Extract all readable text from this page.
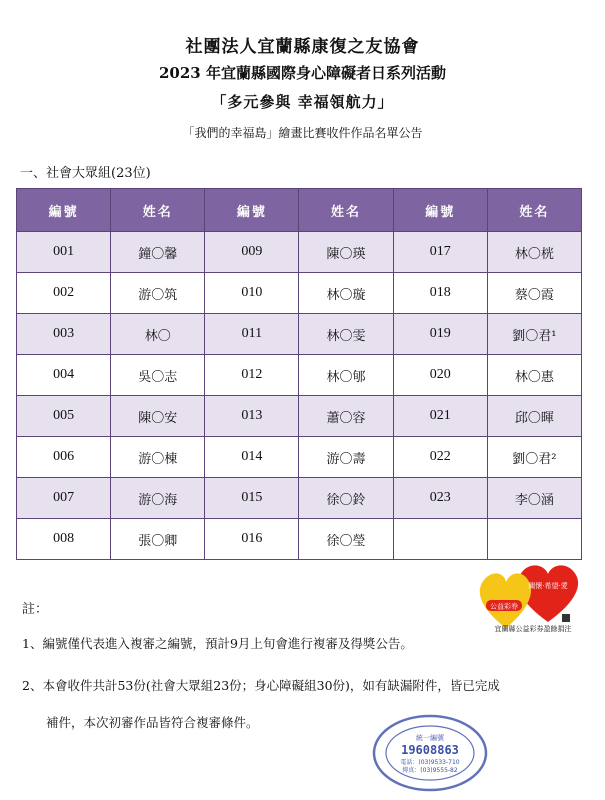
社團法人宜蘭縣康復之友協會
2023 年宜蘭縣國際身心障礙者日系列活動
「多元參與 幸福領航力」
「我們的幸福島」繪畫比賽收件作品名單公告
一、社會大眾組(23位)
編號	姓名	編號	姓名	編號	姓名
001	鐘〇馨	009	陳〇瑛	017	林〇桄
002	游〇筑	010	林〇璇	018	蔡〇霞
003	林〇	011	林〇雯	019	劉〇君¹
004	吳〇志	012	林〇郇	020	林〇惠
005	陳〇安	013	蕭〇容	021	邱〇暉
006	游〇棟	014	游〇壽	022	劉〇君²
007	游〇海	015	徐〇鈴	023	李〇涵
008	張〇卿	016	徐〇瑩		
關懷·希望·愛
公益彩券
宜蘭縣公益彩券盈餘捐注
註：
1、編號僅代表進入複審之編號，預計9月上旬會進行複審及得獎公告。
2、本會收件共計53份(社會大眾組23份；身心障礙組30份)，如有缺漏附件，皆已完成
補件，本次初審作品皆符合複審條件。
統一編號
19608863
電話：(03)9533-710
傳真：(03)9555-82
